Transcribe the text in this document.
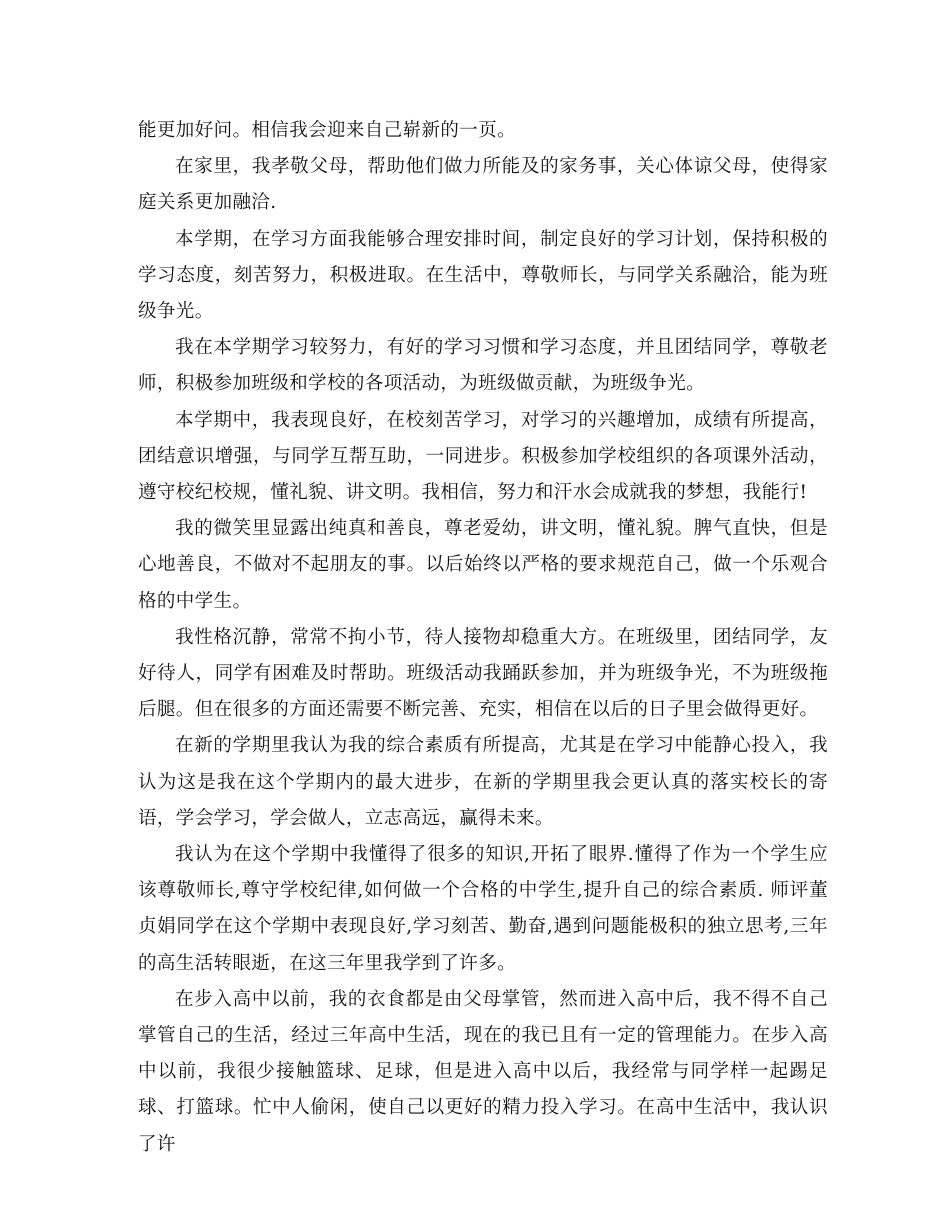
能更加好问。相信我会迎来自己崭新的一页。

在家里，我孝敬父母，帮助他们做力所能及的家务事，关心体谅父母，使得家庭关系更加融洽.

本学期，在学习方面我能够合理安排时间，制定良好的学习计划，保持积极的学习态度，刻苦努力，积极进取。在生活中，尊敬师长，与同学关系融洽，能为班级争光。

我在本学期学习较努力，有好的学习习惯和学习态度，并且团结同学，尊敬老师，积极参加班级和学校的各项活动，为班级做贡献，为班级争光。

本学期中，我表现良好，在校刻苦学习，对学习的兴趣增加，成绩有所提高，团结意识增强，与同学互帮互助，一同进步。积极参加学校组织的各项课外活动，遵守校纪校规，懂礼貌、讲文明。我相信，努力和汗水会成就我的梦想，我能行!

我的微笑里显露出纯真和善良，尊老爱幼，讲文明，懂礼貌。脾气直快，但是心地善良，不做对不起朋友的事。以后始终以严格的要求规范自己，做一个乐观合格的中学生。

我性格沉静，常常不拘小节，待人接物却稳重大方。在班级里，团结同学，友好待人，同学有困难及时帮助。班级活动我踊跃参加，并为班级争光，不为班级拖后腿。但在很多的方面还需要不断完善、充实，相信在以后的日子里会做得更好。

在新的学期里我认为我的综合素质有所提高，尤其是在学习中能静心投入，我认为这是我在这个学期内的最大进步，在新的学期里我会更认真的落实校长的寄语，学会学习，学会做人，立志高远，赢得未来。

我认为在这个学期中我懂得了很多的知识,开拓了眼界.懂得了作为一个学生应该尊敬师长,尊守学校纪律,如何做一个合格的中学生,提升自己的综合素质. 师评董贞娟同学在这个学期中表现良好,学习刻苦、勤奋,遇到问题能极积的独立思考,三年的高生活转眼逝，在这三年里我学到了许多。

在步入高中以前，我的衣食都是由父母掌管，然而进入高中后，我不得不自己掌管自己的生活，经过三年高中生活，现在的我已且有一定的管理能力。在步入高中以前，我很少接触篮球、足球，但是进入高中以后，我经常与同学样一起踢足球、打篮球。忙中人偷闲，使自己以更好的精力投入学习。在高中生活中，我认识了许
